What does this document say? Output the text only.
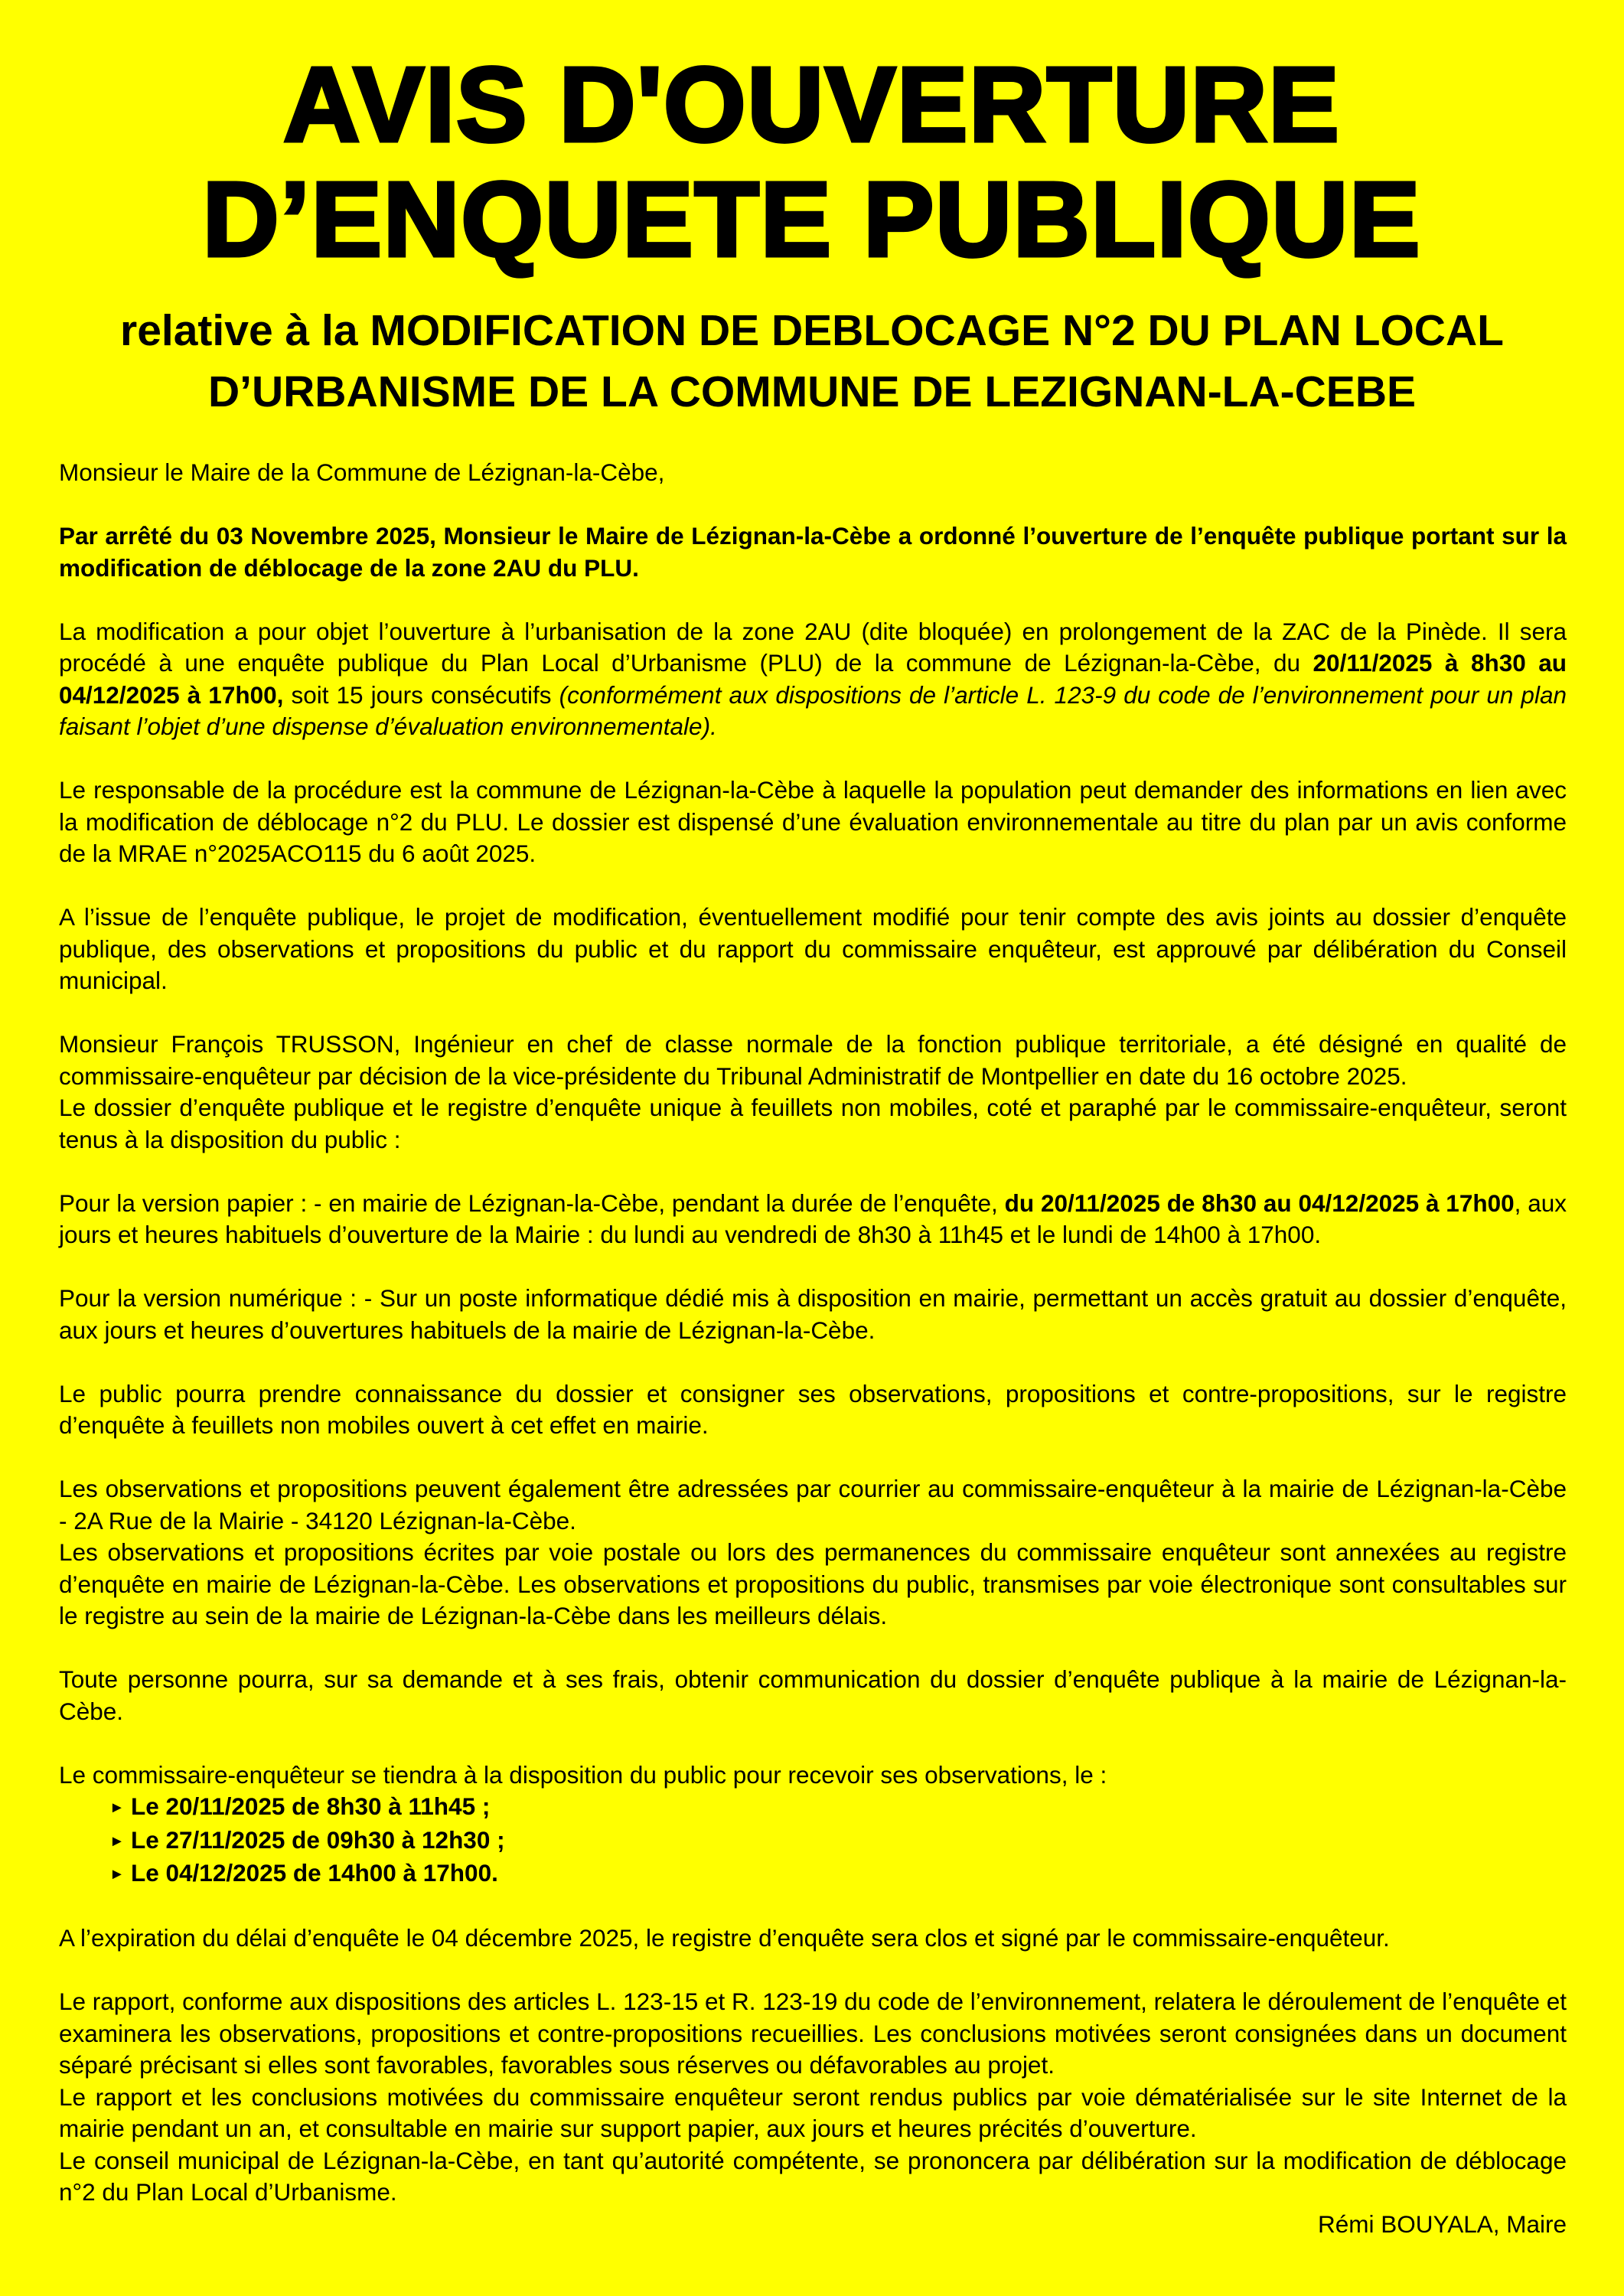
AVIS D'OUVERTURE
D’ENQUETE PUBLIQUE
relative à la MODIFICATION DE DEBLOCAGE N°2 DU PLAN LOCAL
D’URBANISME DE LA COMMUNE DE LEZIGNAN-LA-CEBE

Monsieur le Maire de la Commune de Lézignan-la-Cèbe,

Par arrêté du 03 Novembre 2025, Monsieur le Maire de Lézignan-la-Cèbe a ordonné l’ouverture de l’enquête publique portant sur la modification de déblocage de la zone 2AU du PLU.

La modification a pour objet l’ouverture à l’urbanisation de la zone 2AU (dite bloquée) en prolongement de la ZAC de la Pinède. Il sera procédé à une enquête publique du Plan Local d’Urbanisme (PLU) de la commune de Lézignan-la-Cèbe, du 20/11/2025 à 8h30 au 04/12/2025 à 17h00, soit 15 jours consécutifs (conformément aux dispositions de l’article L. 123-9 du code de l’environnement pour un plan faisant l’objet d’une dispense d’évaluation environnementale).

Le responsable de la procédure est la commune de Lézignan-la-Cèbe à laquelle la population peut demander des informations en lien avec la modification de déblocage n°2 du PLU. Le dossier est dispensé d’une évaluation environnementale au titre du plan par un avis conforme de la MRAE n°2025ACO115 du 6 août 2025.

A l’issue de l’enquête publique, le projet de modification, éventuellement modifié pour tenir compte des avis joints au dossier d’enquête publique, des observations et propositions du public et du rapport du commissaire enquêteur, est approuvé par délibération du Conseil municipal.

Monsieur François TRUSSON, Ingénieur en chef de classe normale de la fonction publique territoriale, a été désigné en qualité de commissaire-enquêteur par décision de la vice-présidente du Tribunal Administratif de Montpellier en date du 16 octobre 2025.

Le dossier d’enquête publique et le registre d’enquête unique à feuillets non mobiles, coté et paraphé par le commissaire-enquêteur, seront tenus à la disposition du public :

Pour la version papier : - en mairie de Lézignan-la-Cèbe, pendant la durée de l’enquête, du 20/11/2025 de 8h30 au 04/12/2025 à 17h00, aux jours et heures habituels d’ouverture de la Mairie : du lundi au vendredi de 8h30 à 11h45 et le lundi de 14h00 à 17h00.

Pour la version numérique : - Sur un poste informatique dédié mis à disposition en mairie, permettant un accès gratuit au dossier d’enquête, aux jours et heures d’ouvertures habituels de la mairie de Lézignan-la-Cèbe.

Le public pourra prendre connaissance du dossier et consigner ses observations, propositions et contre-propositions, sur le registre d’enquête à feuillets non mobiles ouvert à cet effet en mairie.

Les observations et propositions peuvent également être adressées par courrier au commissaire-enquêteur à la mairie de Lézignan-la-Cèbe - 2A Rue de la Mairie - 34120 Lézignan-la-Cèbe.

Les observations et propositions écrites par voie postale ou lors des permanences du commissaire enquêteur sont annexées au registre d’enquête en mairie de Lézignan-la-Cèbe. Les observations et propositions du public, transmises par voie électronique sont consultables sur le registre au sein de la mairie de Lézignan-la-Cèbe dans les meilleurs délais.

Toute personne pourra, sur sa demande et à ses frais, obtenir communication du dossier d’enquête publique à la mairie de Lézignan-la-Cèbe.

Le commissaire-enquêteur se tiendra à la disposition du public pour recevoir ses observations, le :

► Le 20/11/2025 de 8h30 à 11h45 ;
► Le 27/11/2025 de 09h30 à 12h30 ;
► Le 04/12/2025 de 14h00 à 17h00.

A l’expiration du délai d’enquête le 04 décembre 2025, le registre d’enquête sera clos et signé par le commissaire-enquêteur.

Le rapport, conforme aux dispositions des articles L. 123-15 et R. 123-19 du code de l’environnement, relatera le déroulement de l’enquête et examinera les observations, propositions et contre-propositions recueillies. Les conclusions motivées seront consignées dans un document séparé précisant si elles sont favorables, favorables sous réserves ou défavorables au projet.

Le rapport et les conclusions motivées du commissaire enquêteur seront rendus publics par voie dématérialisée sur le site Internet de la mairie pendant un an, et consultable en mairie sur support papier, aux jours et heures précités d’ouverture.

Le conseil municipal de Lézignan-la-Cèbe, en tant qu’autorité compétente, se prononcera par délibération sur la modification de déblocage n°2 du Plan Local d’Urbanisme.

Rémi BOUYALA, Maire
